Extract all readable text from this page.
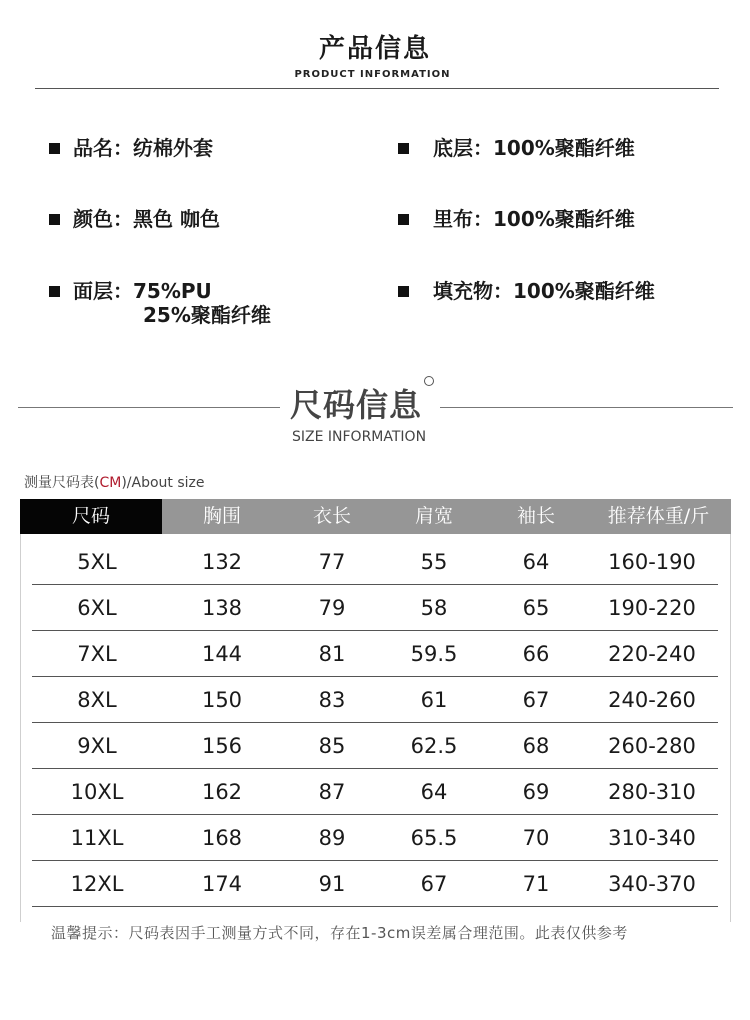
产品信息
PRODUCT INFORMATION
品名：纺棉外套
颜色：黑色 咖色
面层：75%PU
25%聚酯纤维
底层：100%聚酯纤维
里布：100%聚酯纤维
填充物：100%聚酯纤维
尺码信息
SIZE INFORMATION
测量尺码表(CM)/About size
尺码	胸围	衣长	肩宽	袖长	推荐体重/斤
5XL	132	77	55	64	160-190
6XL	138	79	58	65	190-220
7XL	144	81	59.5	66	220-240
8XL	150	83	61	67	240-260
9XL	156	85	62.5	68	260-280
10XL	162	87	64	69	280-310
11XL	168	89	65.5	70	310-340
12XL	174	91	67	71	340-370
温馨提示：尺码表因手工测量方式不同，存在1-3cm误差属合理范围。此表仅供参考
